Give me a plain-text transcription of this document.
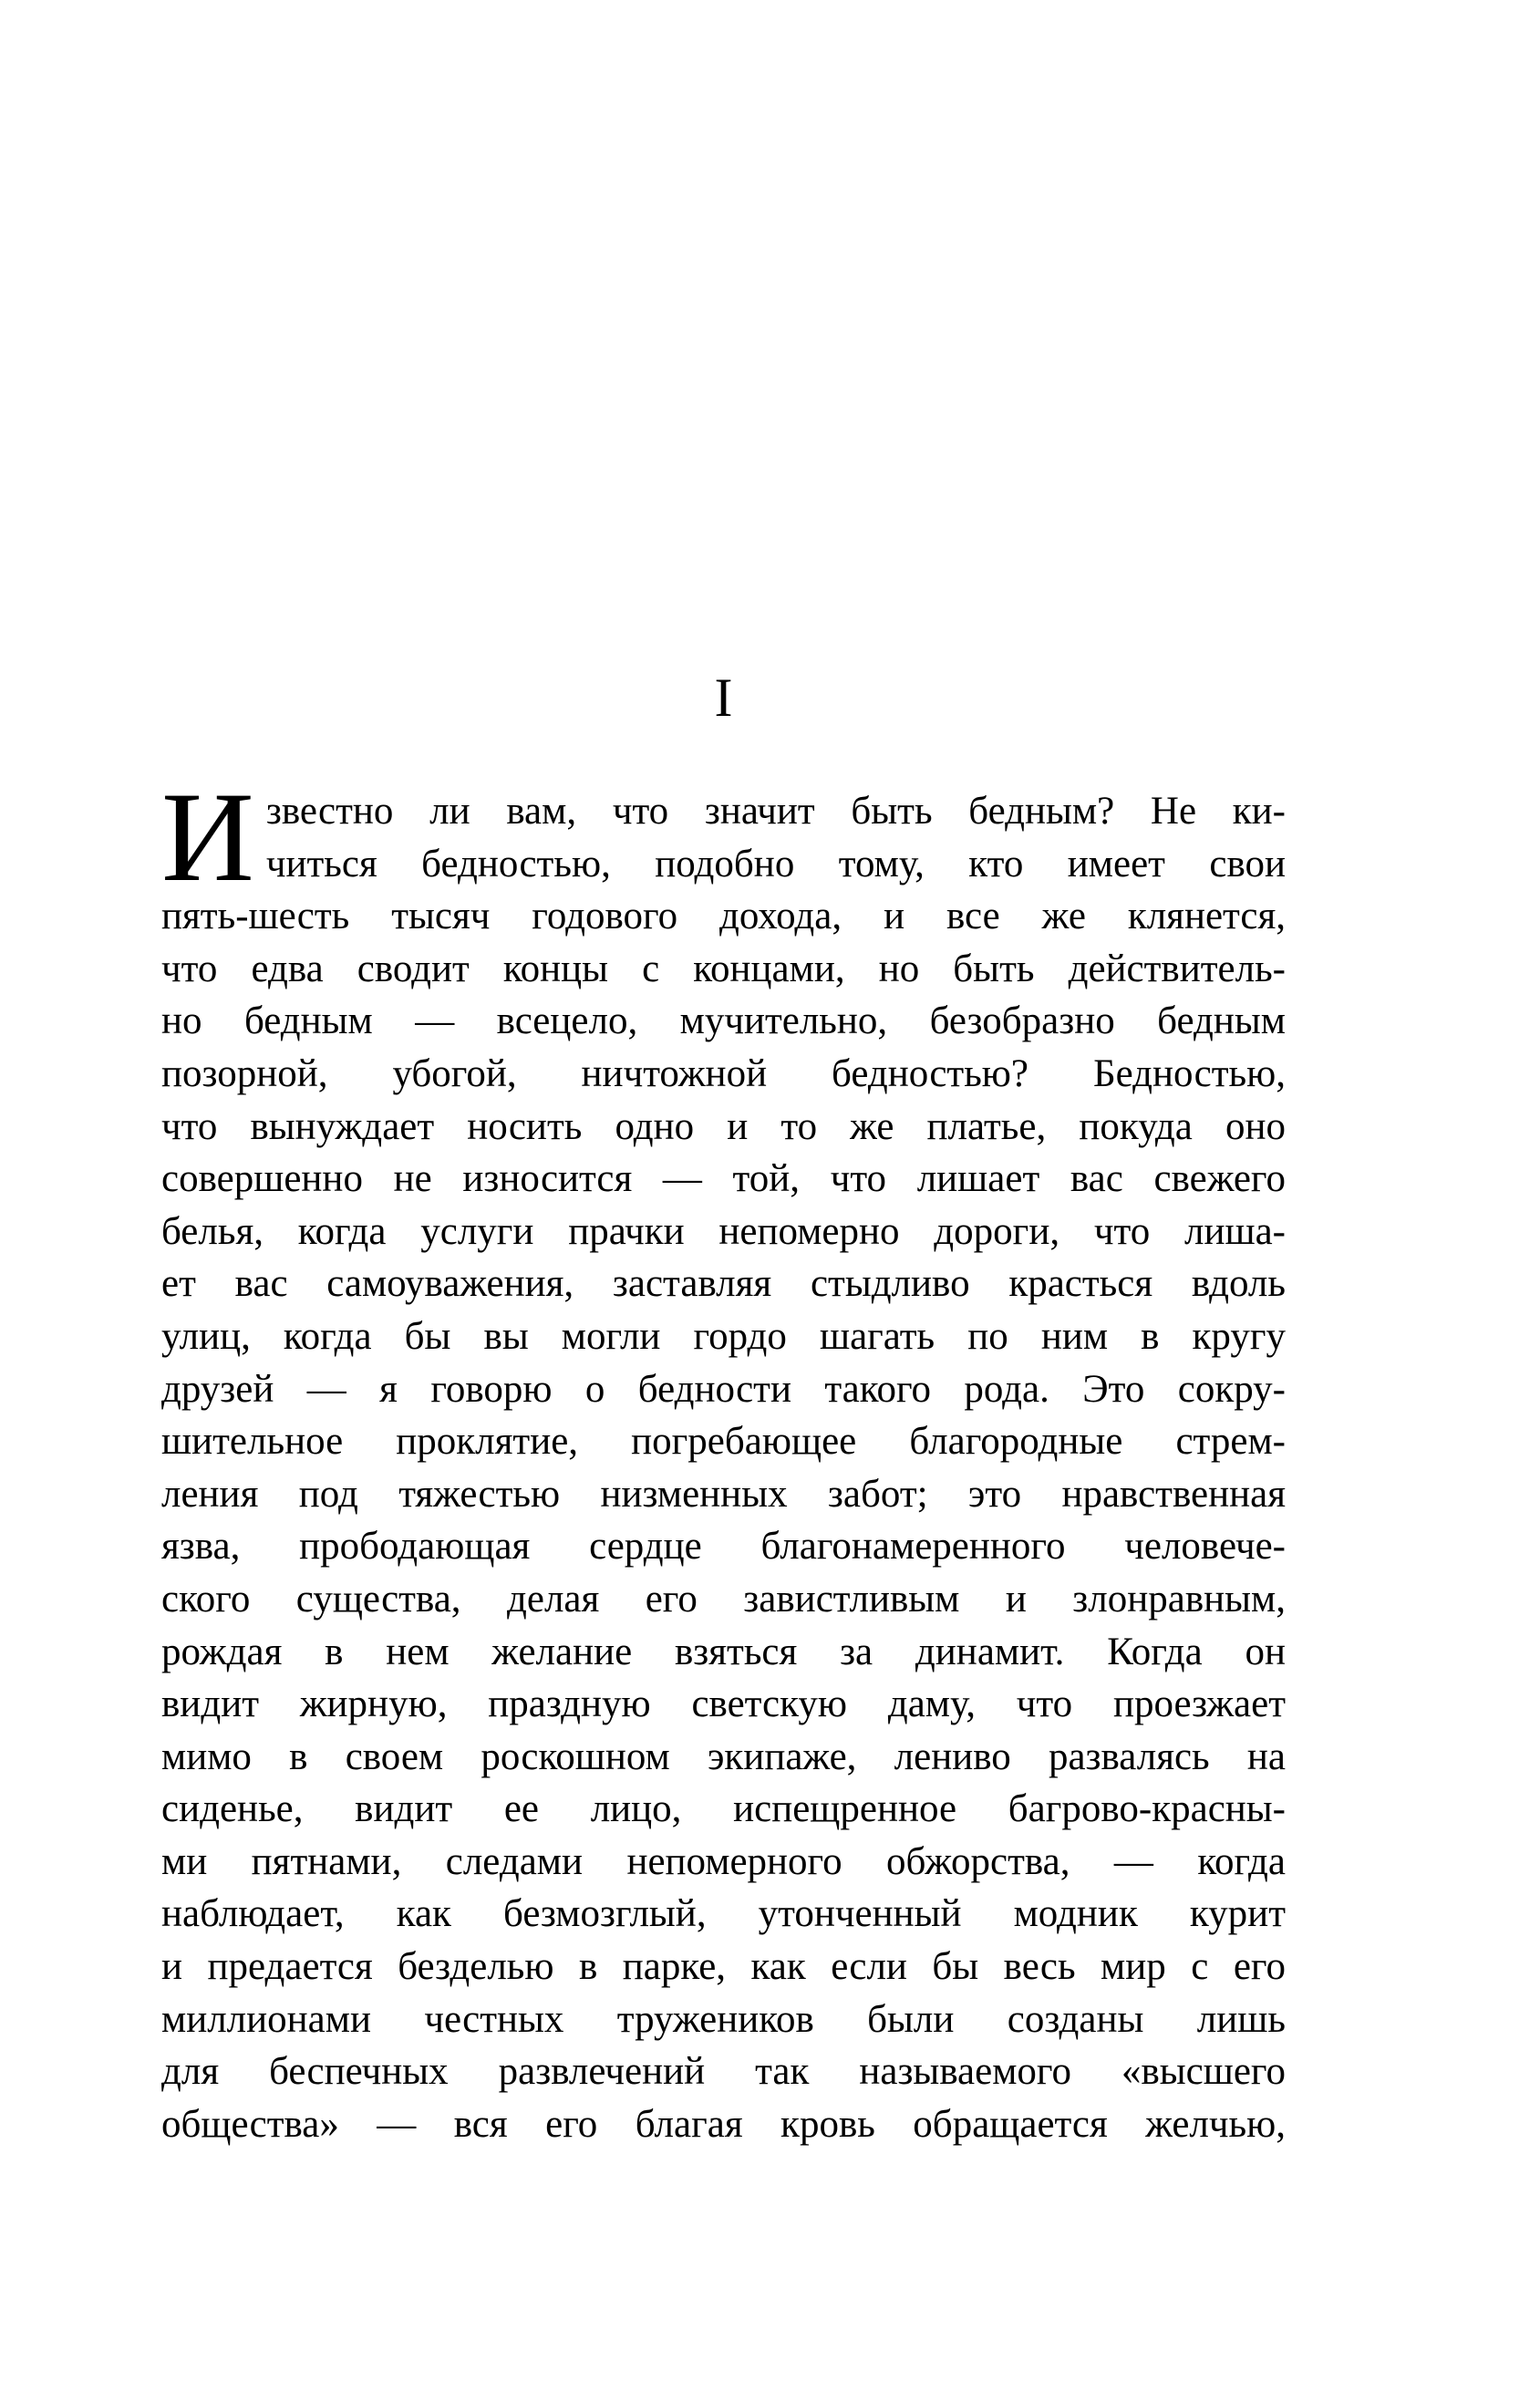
I
И звестно ли вам, что значит быть бедным? Не ки-
читься бедностью, подобно тому, кто имеет свои
пять-шесть тысяч годового дохода, и все же клянется,
что едва сводит концы с концами, но быть действитель-
но бедным — всецело, мучительно, безобразно бедным
позорной, убогой, ничтожной бедностью? Бедностью,
что вынуждает носить одно и то же платье, покуда оно
совершенно не износится — той, что лишает вас свежего
белья, когда услуги прачки непомерно дороги, что лиша-
ет вас самоуважения, заставляя стыдливо красться вдоль
улиц, когда бы вы могли гордо шагать по ним в кругу
друзей — я говорю о бедности такого рода. Это сокру-
шительное проклятие, погребающее благородные стрем-
ления под тяжестью низменных забот; это нравственная
язва, прободающая сердце благонамеренного человече-
ского существа, делая его завистливым и злонравным,
рождая в нем желание взяться за динамит. Когда он
видит жирную, праздную светскую даму, что проезжает
мимо в своем роскошном экипаже, лениво развалясь на
сиденье, видит ее лицо, испещренное багрово-красны-
ми пятнами, следами непомерного обжорства, — когда
наблюдает, как безмозглый, утонченный модник курит
и предается безделью в парке, как если бы весь мир с его
миллионами честных тружеников были созданы лишь
для беспечных развлечений так называемого «высшего
общества» — вся его благая кровь обращается желчью,
